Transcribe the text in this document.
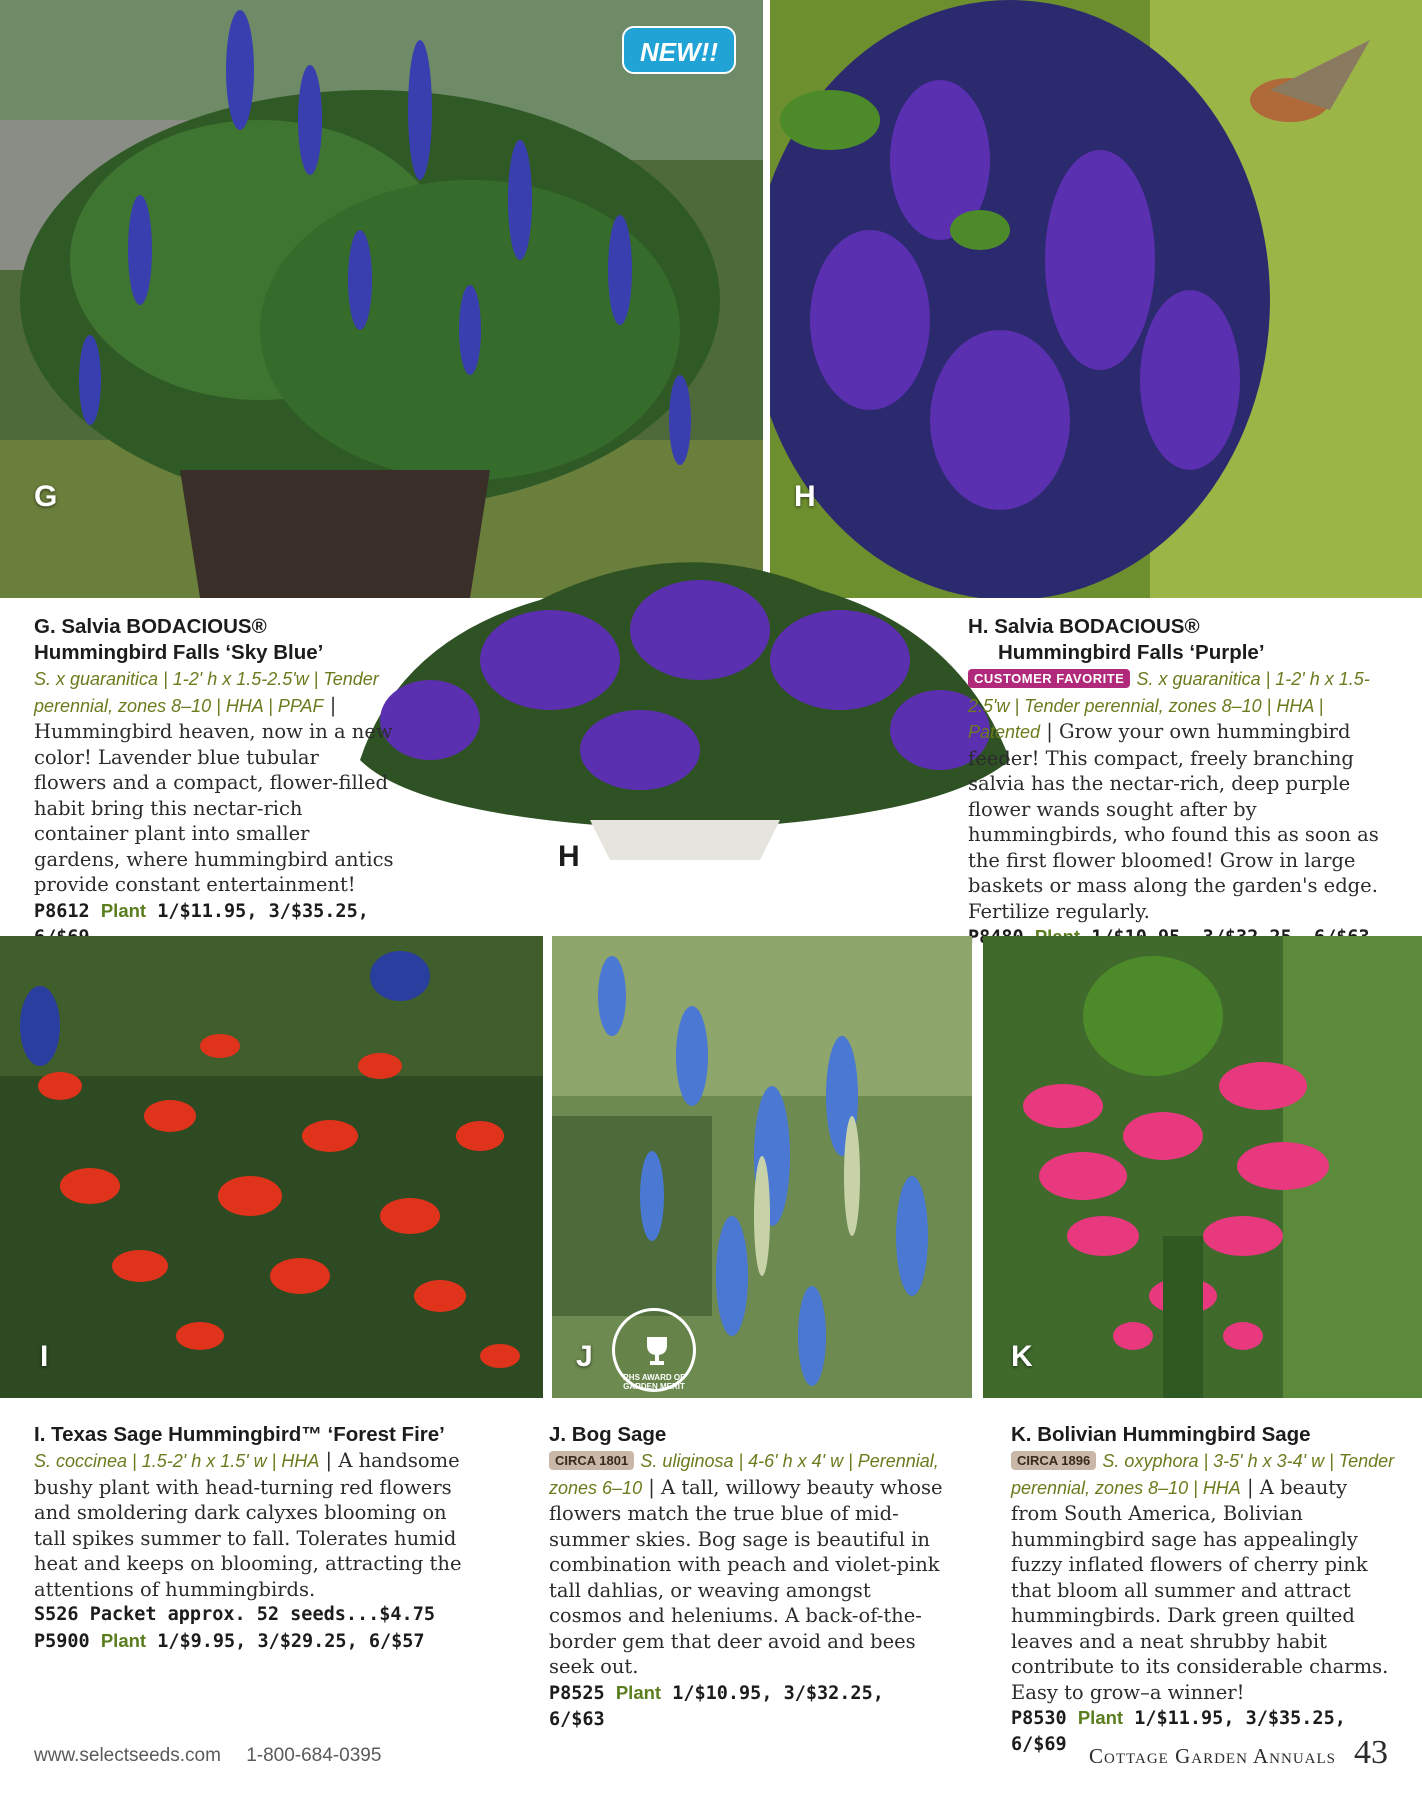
G
NEW!!
H
H
G. Salvia BODACIOUS®
Hummingbird Falls ‘Sky Blue’
S. x guaranitica | 1-2' h x 1.5-2.5'w | Tender perennial, zones 8–10 | HHA | PPAF | Hummingbird heaven, now in a new color! Lavender blue tubular flowers and a compact, flower-filled habit bring this nectar-rich container plant into smaller gardens, where hummingbird antics provide constant entertainment!
P8612 Plant 1/$11.95, 3/$35.25,
H. Salvia BODACIOUS®
Hummingbird Falls ‘Purple’
CUSTOMER FAVORITE S. x guaranitica | 1-2' h x 1.5-2.5'w | Tender perennial, zones 8–10 | HHA | Patented | Grow your own hummingbird feeder! This compact, freely branching salvia has the nectar-rich, deep purple flower wands sought after by hummingbirds, who found this as soon as the first flower bloomed! Grow in large baskets or mass along the garden's edge. Fertilize regularly.
I	J
RHS AWARD OF GARDEN MERIT
K
I. Texas Sage Hummingbird™ ‘Forest Fire’
S. coccinea | 1.5-2' h x 1.5' w | HHA | A handsome bushy plant with head-turning red flowers and smoldering dark calyxes blooming on tall spikes summer to fall. Tolerates humid heat and keeps on blooming, attracting the attentions of hummingbirds.
S526 Packet approx. 52 seeds...$4.75
P5900 Plant 1/$9.95, 3/$29.25, 6/$57
J. Bog Sage
CIRCA 1801 S. uliginosa | 4-6' h x 4' w | Perennial, zones 6–10 | A tall, willowy beauty whose flowers match the true blue of mid-summer skies. Bog sage is beautiful in combination with peach and violet-pink tall dahlias, or weaving amongst cosmos and heleniums. A back-of-the-border gem that deer avoid and bees seek out.
P8525 Plant 1/$10.95, 3/$32.25, 6/$63
K. Bolivian Hummingbird Sage
CIRCA 1896 S. oxyphora | 3-5' h x 3-4' w | Tender perennial, zones 8–10 | HHA | A beauty from South America, Bolivian hummingbird sage has appealingly fuzzy inflated flowers of cherry pink that bloom all summer and attract hummingbirds. Dark green quilted leaves and a neat shrubby habit contribute to its considerable charms. Easy to grow–a winner!
P8530 Plant 1/$11.95, 3/$35.25, 6/$69
www.selectseeds.com 1-800-684-0395	Cottage Garden Annuals 43
